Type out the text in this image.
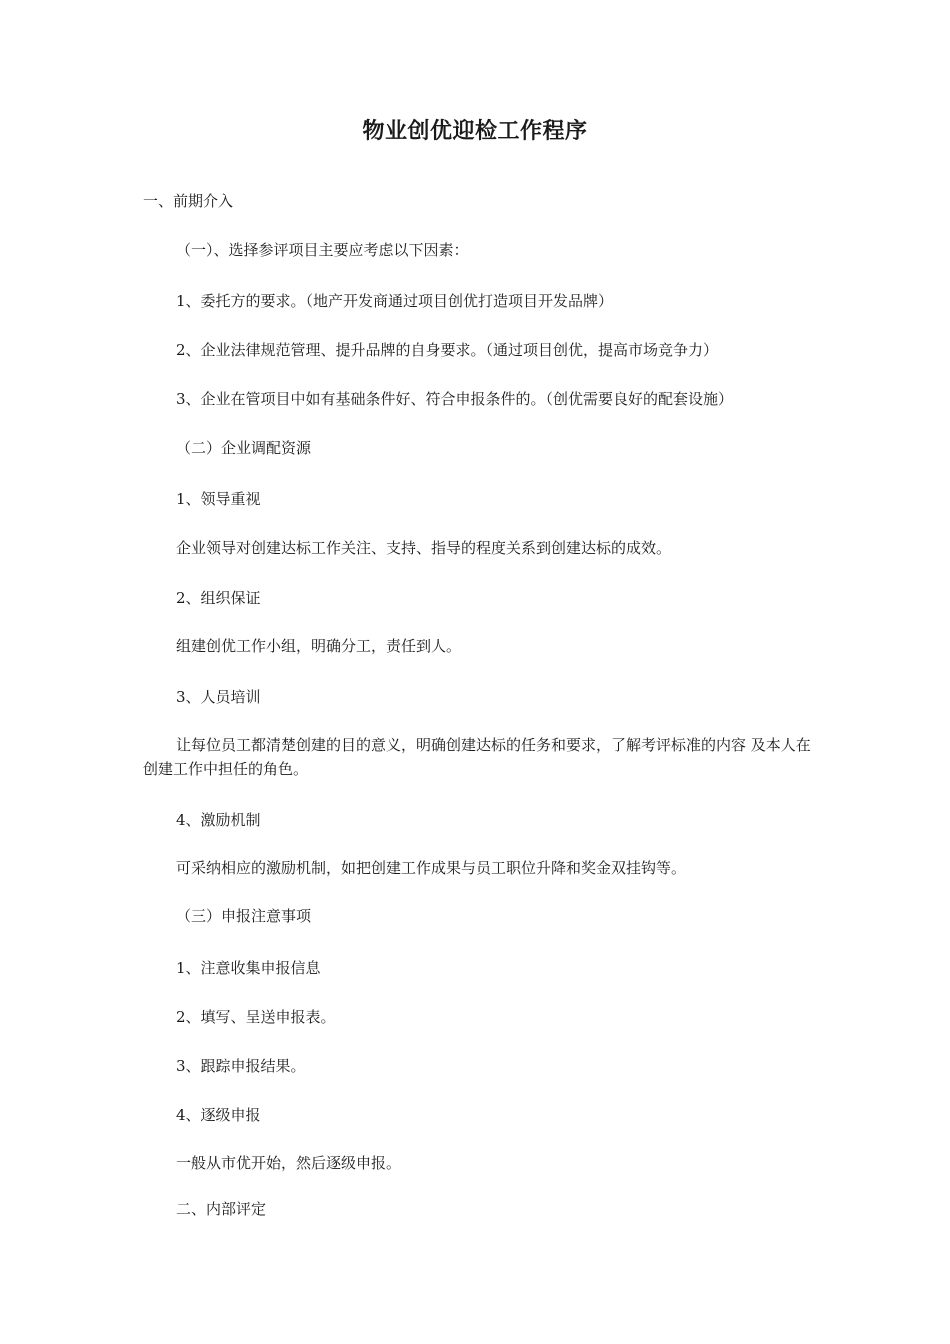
物业创优迎检工作程序
一、前期介入
（一）、选择参评项目主要应考虑以下因素：
1、委托方的要求。（地产开发商通过项目创优打造项目开发品牌）
2、企业法律规范管理、提升品牌的自身要求。（通过项目创优，提高市场竞争力）
3、企业在管项目中如有基础条件好、符合申报条件的。（创优需要良好的配套设施）
（二）企业调配资源
1、领导重视
企业领导对创建达标工作关注、支持、指导的程度关系到创建达标的成效。
2、组织保证
组建创优工作小组，明确分工，责任到人。
3、人员培训
让每位员工都清楚创建的目的意义，明确创建达标的任务和要求，了解考评标准的内容 及本人在创建工作中担任的角色。
4、激励机制
可采纳相应的激励机制，如把创建工作成果与员工职位升降和奖金双挂钩等。
（三）申报注意事项
1、注意收集申报信息
2、填写、呈送申报表。
3、跟踪申报结果。
4、逐级申报
一般从市优开始，然后逐级申报。
二、内部评定
